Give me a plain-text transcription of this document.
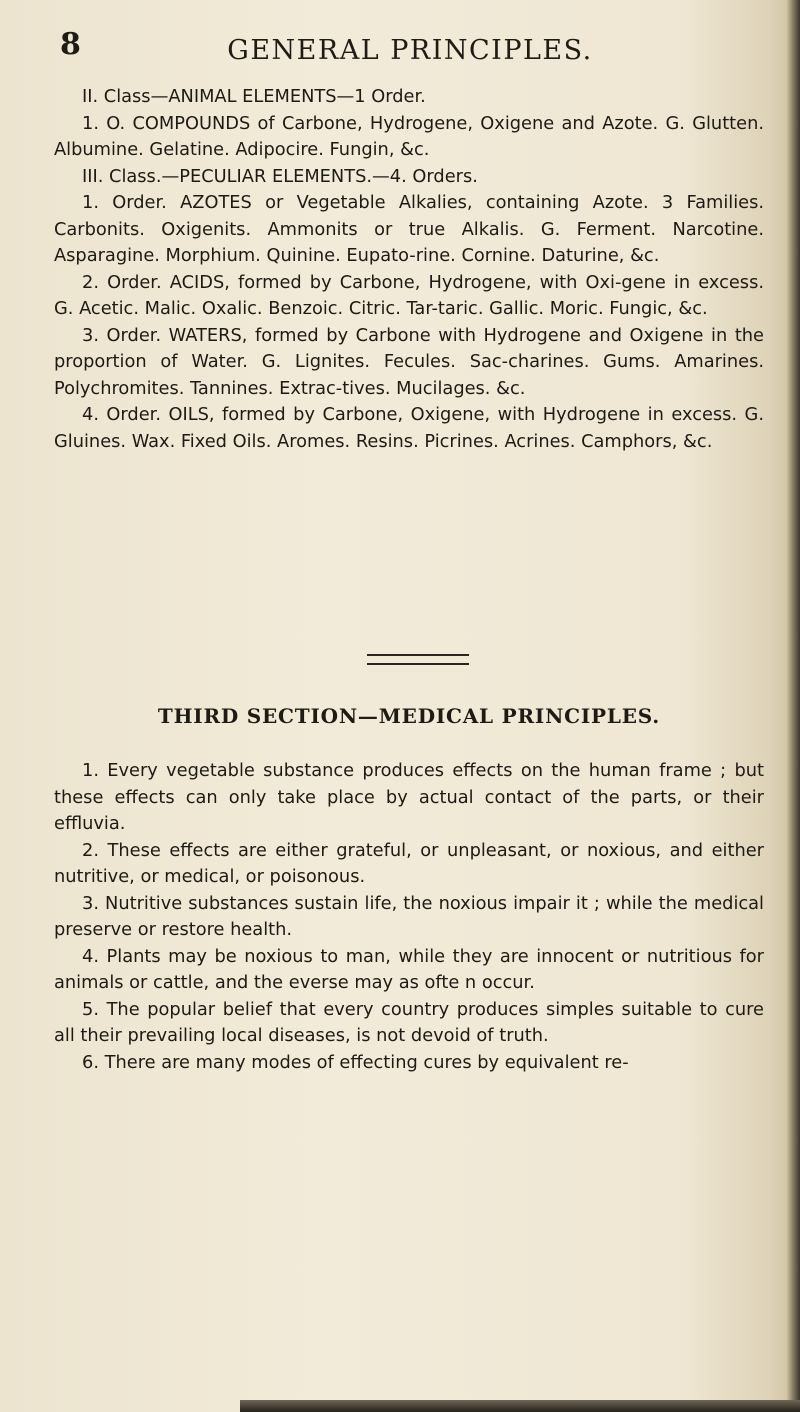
8	GENERAL PRINCIPLES.

II. Class—ANIMAL ELEMENTS—1 Order.

1. O. COMPOUNDS of Carbone, Hydrogene, Oxigene and Azote. G. Glutten. Albumine. Gelatine. Adipocire. Fungin, &c.

III. Class.—PECULIAR ELEMENTS.—4. Orders.

1. Order. AZOTES or Vegetable Alkalies, containing Azote. 3 Families. Carbonits. Oxigenits. Ammonits or true Alkalis. G. Ferment. Narcotine. Asparagine. Morphium. Quinine. Eupato-rine. Cornine. Daturine, &c.

2. Order. ACIDS, formed by Carbone, Hydrogene, with Oxi-gene in excess. G. Acetic. Malic. Oxalic. Benzoic. Citric. Tar-taric. Gallic. Moric. Fungic, &c.

3. Order. WATERS, formed by Carbone with Hydrogene and Oxigene in the proportion of Water. G. Lignites. Fecules. Sac-charines. Gums. Amarines. Polychromites. Tannines. Extrac-tives. Mucilages. &c.

4. Order. OILS, formed by Carbone, Oxigene, with Hydrogene in excess. G. Gluines. Wax. Fixed Oils. Aromes. Resins. Picrines. Acrines. Camphors, &c.

THIRD SECTION—MEDICAL PRINCIPLES.

1. Every vegetable substance produces effects on the human frame ; but these effects can only take place by actual contact of the parts, or their effluvia.

2. These effects are either grateful, or unpleasant, or noxious, and either nutritive, or medical, or poisonous.

3. Nutritive substances sustain life, the noxious impair it ; while the medical preserve or restore health.

4. Plants may be noxious to man, while they are innocent or nutritious for animals or cattle, and the everse may as ofte n occur.

5. The popular belief that every country produces simples suitable to cure all their prevailing local diseases, is not devoid of truth.

6. There are many modes of effecting cures by equivalent re-
